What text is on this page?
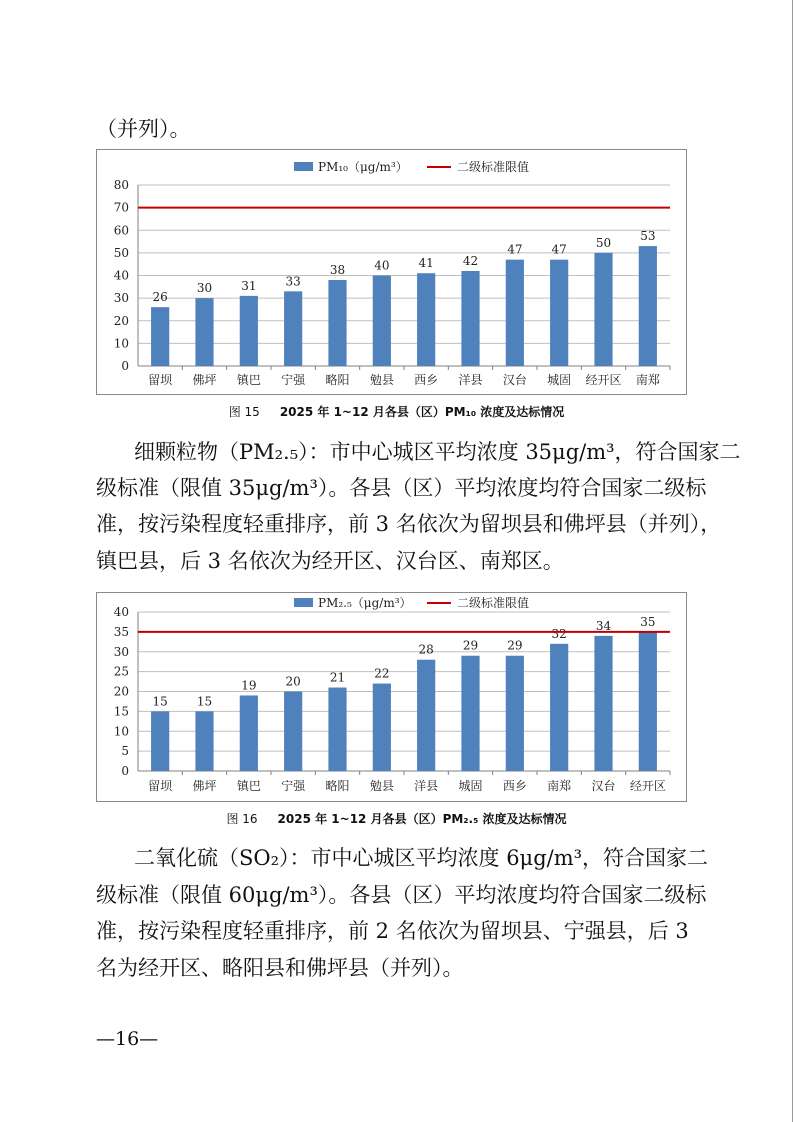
（并列）。

0
10
20
30
40
50
60
70
80
26
留坝
30
佛坪
31
镇巴
33
宁强
38
略阳
40
勉县
41
西乡
42
洋县
47
汉台
47
城固
50
经开区
53
南郑
PM₁₀（μg/m³）	二级标准限值
图 15 2025 年 1~12 月各县（区）PM₁₀ 浓度及达标情况

细颗粒物（PM₂.₅）：市中心城区平均浓度 35μg/m³，符合国家二

级标准（限值 35μg/m³）。各县（区）平均浓度均符合国家二级标

准，按污染程度轻重排序，前 3 名依次为留坝县和佛坪县（并列），

镇巴县，后 3 名依次为经开区、汉台区、南郑区。

0
5
10
15
20
25
30
35
40
15
留坝
15
佛坪
19
镇巴
20
宁强
21
略阳
22
勉县
28
洋县
29
城固
29
西乡
32
南郑
34
汉台
35
经开区
PM₂.₅（μg/m³）	二级标准限值
图 16 2025 年 1~12 月各县（区）PM₂.₅ 浓度及达标情况

二氧化硫（SO₂）：市中心城区平均浓度 6μg/m³，符合国家二

级标准（限值 60μg/m³）。各县（区）平均浓度均符合国家二级标

准，按污染程度轻重排序，前 2 名依次为留坝县、宁强县，后 3

名为经开区、略阳县和佛坪县（并列）。

—16—
